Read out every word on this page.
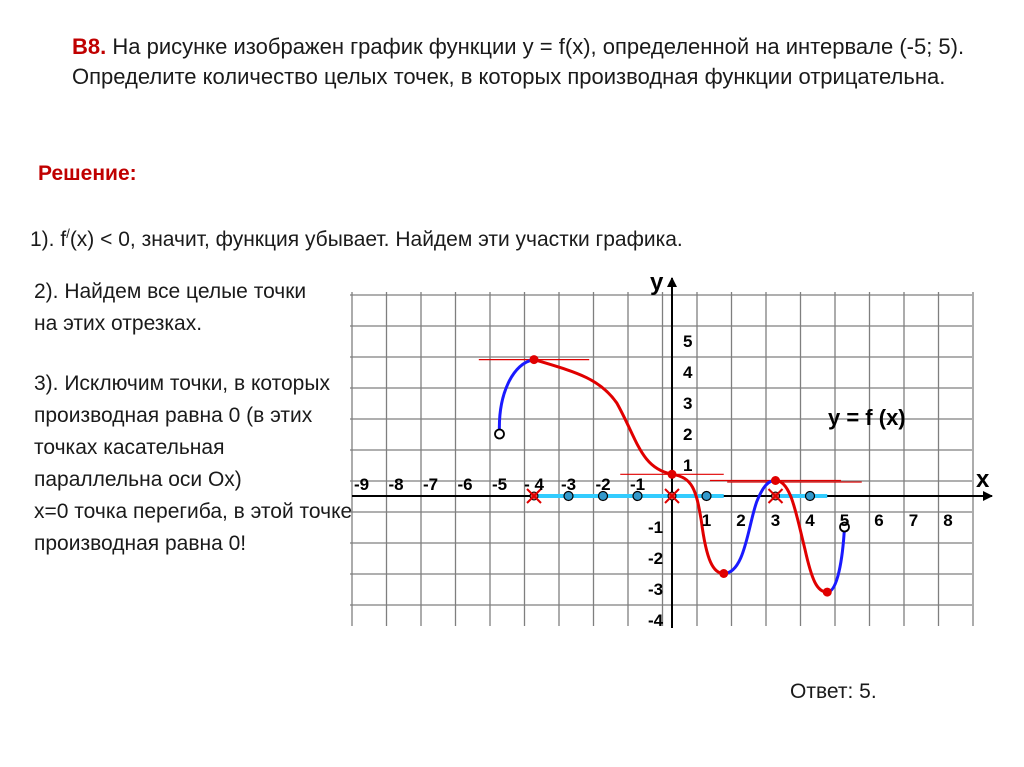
В8. На рисунке изображен график функции y = f(x), определенной на интервале (-5; 5). Определите количество целых точек, в которых производная функции отрицательна.
Решение:
1). f/(x) < 0, значит, функция убывает. Найдем эти участки графика.
2). Найдем все целые точки на этих отрезках.
3). Исключим точки, в которых производная равна 0 (в этих точках касательная параллельна оси Ox)
x=0 точка перегиба, в этой точке производная равна 0!
Ответ: 5.
-9 -8 -7 -6 -5 - 4 -3 -2 -1
1 2 3 4 5 6 7 8
5
4
3
2
1
-1
-2
-3
-4
y
x
y = f (x)
